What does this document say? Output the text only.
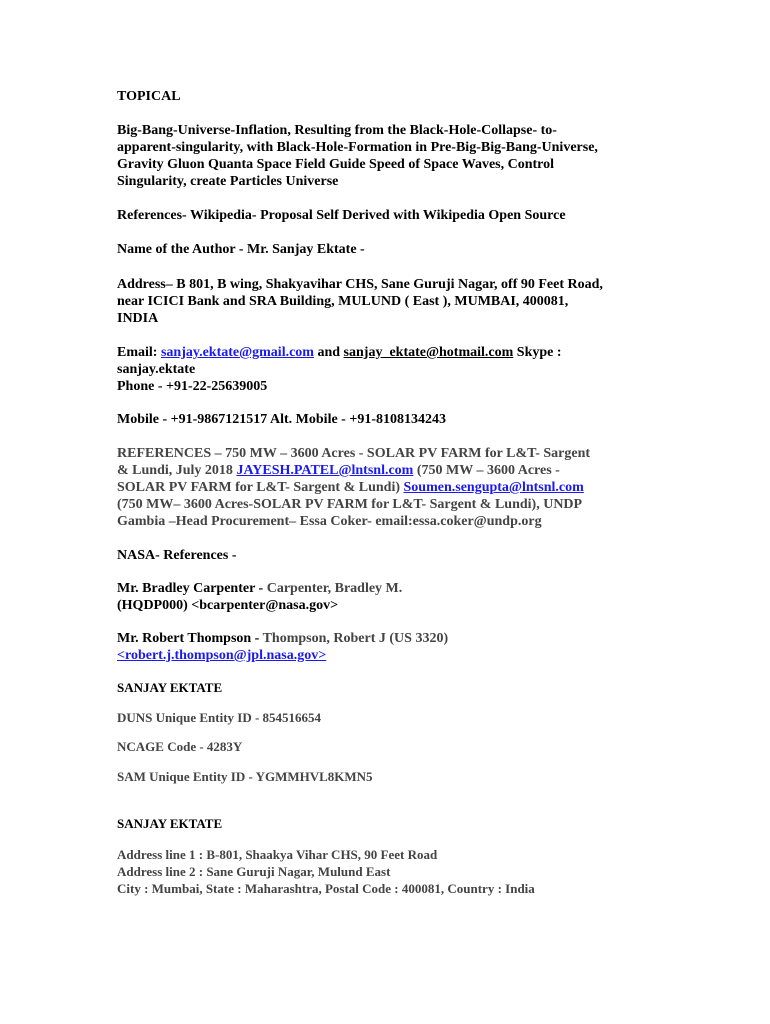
TOPICAL
Big-Bang-Universe-Inflation, Resulting from the Black-Hole-Collapse- to-
apparent-singularity, with Black-Hole-Formation in Pre-Big-Big-Bang-Universe,
Gravity Gluon Quanta Space Field Guide Speed of Space Waves, Control
Singularity, create Particles Universe
References- Wikipedia- Proposal Self Derived with Wikipedia Open Source
Name of the Author - Mr. Sanjay Ektate -
Address– B 801, B wing, Shakyavihar CHS, Sane Guruji Nagar, off 90 Feet Road,
near ICICI Bank and SRA Building, MULUND ( East ), MUMBAI, 400081,
INDIA
Email: sanjay.ektate@gmail.com and sanjay_ektate@hotmail.com Skype :
sanjay.ektate
Phone - +91-22-25639005
Mobile - +91-9867121517 Alt. Mobile - +91-8108134243
REFERENCES – 750 MW – 3600 Acres - SOLAR PV FARM for L&T- Sargent
& Lundi, July 2018 JAYESH.PATEL@lntsnl.com (750 MW – 3600 Acres -
SOLAR PV FARM for L&T- Sargent & Lundi) Soumen.sengupta@lntsnl.com
(750 MW– 3600 Acres-SOLAR PV FARM for L&T- Sargent & Lundi), UNDP
Gambia –Head Procurement– Essa Coker- email:essa.coker@undp.org
NASA- References -
Mr. Bradley Carpenter - Carpenter, Bradley M.
(HQDP000) <bcarpenter@nasa.gov>
Mr. Robert Thompson - Thompson, Robert J (US 3320)
<robert.j.thompson@jpl.nasa.gov>
SANJAY EKTATE
DUNS Unique Entity ID - 854516654
NCAGE Code - 4283Y
SAM Unique Entity ID - YGMMHVL8KMN5
SANJAY EKTATE
Address line 1 : B-801, Shaakya Vihar CHS, 90 Feet Road
Address line 2 : Sane Guruji Nagar, Mulund East
City : Mumbai, State : Maharashtra, Postal Code : 400081, Country : India
